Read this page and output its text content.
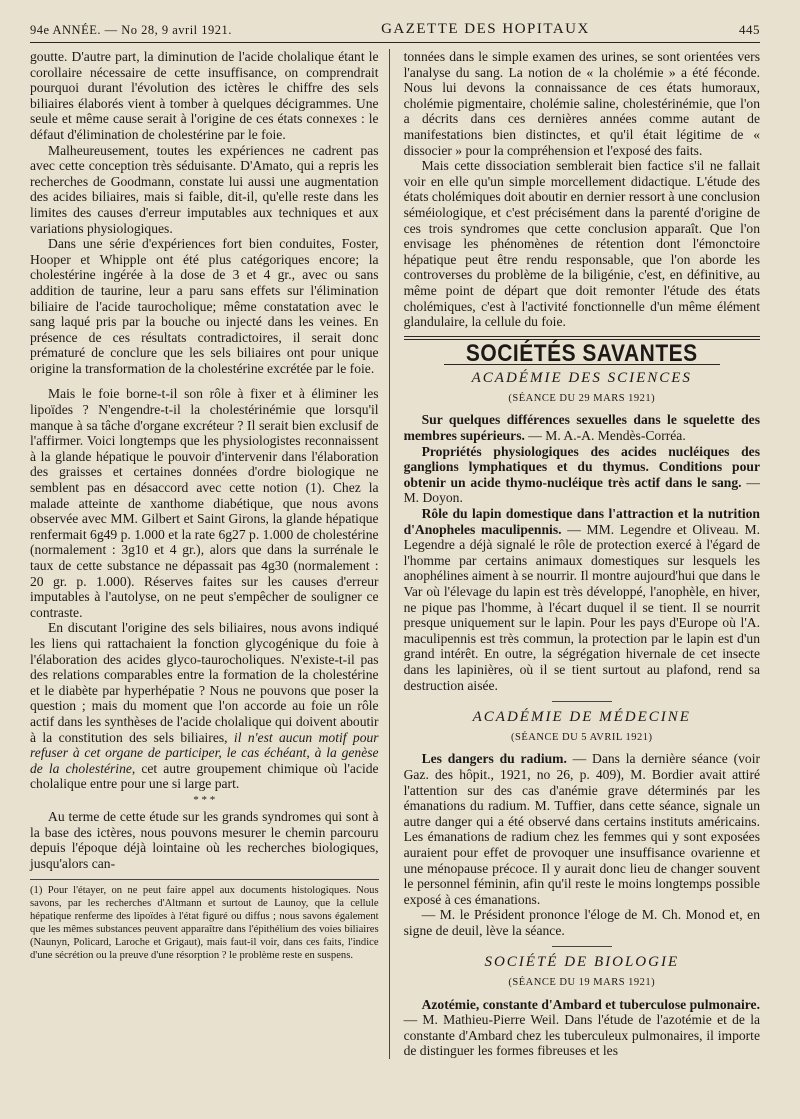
94e ANNÉE. — No 28, 9 avril 1921.	GAZETTE DES HOPITAUX	445

goutte. D'autre part, la diminution de l'acide cholalique étant le corollaire nécessaire de cette insuffisance, on comprendrait pourquoi durant l'évolution des ictères le chiffre des sels biliaires élaborés vient à tomber à quelques décigrammes. Une seule et même cause serait à l'origine de ces états connexes : le défaut d'élimination de cholestérine par le foie.

Malheureusement, toutes les expériences ne cadrent pas avec cette conception très séduisante. D'Amato, qui a repris les recherches de Goodmann, constate lui aussi une augmentation des acides biliaires, mais si faible, dit-il, qu'elle reste dans les limites des causes d'erreur imputables aux techniques et aux variations physiologiques.

Dans une série d'expériences fort bien conduites, Foster, Hooper et Whipple ont été plus catégoriques encore; la cholestérine ingérée à la dose de 3 et 4 gr., avec ou sans addition de taurine, leur a paru sans effets sur l'élimination biliaire de l'acide taurocholique; même constatation avec le sang laqué pris par la bouche ou injecté dans les veines. En présence de ces résultats contradictoires, il serait donc prématuré de conclure que les sels biliaires ont pour unique origine la transformation de la cholestérine excrétée par le foie.

Mais le foie borne-t-il son rôle à fixer et à éliminer les lipoïdes ? N'engendre-t-il la cholestérinémie que lorsqu'il manque à sa tâche d'organe excréteur ? Il serait bien exclusif de l'affirmer. Voici longtemps que les physiologistes reconnaissent à la glande hépatique le pouvoir d'intervenir dans l'élaboration des graisses et certaines données d'ordre biologique ne semblent pas en désaccord avec cette notion (1). Chez la malade atteinte de xanthome diabétique, que nous avons observée avec MM. Gilbert et Saint Girons, la glande hépatique renfermait 6g49 p. 1.000 et la rate 6g27 p. 1.000 de cholestérine (normalement : 3g10 et 4 gr.), alors que dans la surrénale le taux de cette substance ne dépassait pas 4g30 (normalement : 20 gr. p. 1.000). Réserves faites sur les causes d'erreur imputables à l'autolyse, on ne peut s'empêcher de souligner ce contraste.

En discutant l'origine des sels biliaires, nous avons indiqué les liens qui rattachaient la fonction glycogénique du foie à l'élaboration des acides glyco-taurocholiques. N'existe-t-il pas des relations comparables entre la formation de la cholestérine et le diabète par hyperhépatie ? Nous ne pouvons que poser la question ; mais du moment que l'on accorde au foie un rôle actif dans les synthèses de l'acide cholalique qui doivent aboutir à la constitution des sels biliaires, il n'est aucun motif pour refuser à cet organe de participer, le cas échéant, à la genèse de la cholestérine, cet autre groupement chimique où l'acide cholalique entre pour une si large part.

* * *

Au terme de cette étude sur les grands syndromes qui sont à la base des ictères, nous pouvons mesurer le chemin parcouru depuis l'époque déjà lointaine où les recherches biologiques, jusqu'alors can-

(1) Pour l'étayer, on ne peut faire appel aux documents histologiques. Nous savons, par les recherches d'Altmann et surtout de Launoy, que la cellule hépatique renferme des lipoïdes à l'état figuré ou diffus ; nous savons également que les mêmes substances peuvent apparaître dans l'épithélium des voies biliaires (Naunyn, Policard, Laroche et Grigaut), mais faut-il voir, dans ces faits, l'indice d'une sécrétion ou la preuve d'une résorption ? le problème reste en suspens.

tonnées dans le simple examen des urines, se sont orientées vers l'analyse du sang. La notion de « la cholémie » a été féconde. Nous lui devons la connaissance de ces états humoraux, cholémie pigmentaire, cholémie saline, cholestérinémie, que l'on a décrits dans ces dernières années comme autant de manifestations bien distinctes, et qu'il était légitime de « dissocier » pour la compréhension et l'exposé des faits.

Mais cette dissociation semblerait bien factice s'il ne fallait voir en elle qu'un simple morcellement didactique. L'étude des états cholémiques doit aboutir en dernier ressort à une conclusion séméiologique, et c'est précisément dans la parenté d'origine de ces trois syndromes que cette conclusion apparaît. Que l'on envisage les phénomènes de rétention dont l'émonctoire hépatique peut être rendu responsable, que l'on aborde les controverses du problème de la biligénie, c'est, en définitive, au même point de départ que doit remonter l'étude des états cholémiques, c'est à l'activité fonctionnelle d'un même élément glandulaire, la cellule du foie.

SOCIÉTÉS SAVANTES
ACADÉMIE DES SCIENCES
(SÉANCE DU 29 MARS 1921)

Sur quelques différences sexuelles dans le squelette des membres supérieurs. — M. A.-A. Mendès-Corréa.

Propriétés physiologiques des acides nucléiques des ganglions lymphatiques et du thymus. Conditions pour obtenir un acide thymo-nucléique très actif dans le sang. — M. Doyon.

Rôle du lapin domestique dans l'attraction et la nutrition d'Anopheles maculipennis. — MM. Legendre et Oliveau. M. Legendre a déjà signalé le rôle de protection exercé à l'égard de l'homme par certains animaux domestiques sur lesquels les anophélines aiment à se nourrir. Il montre aujourd'hui que dans le Var où l'élevage du lapin est très développé, l'anophèle, en hiver, ne pique pas l'homme, à l'écart duquel il se tient. Il se nourrit presque uniquement sur le lapin. Pour les pays d'Europe où l'A. maculipennis est très commun, la protection par le lapin est d'un grand intérêt. En outre, la ségrégation hivernale de cet insecte dans les lapinières, où il se tient surtout au plafond, rend sa destruction aisée.

ACADÉMIE DE MÉDECINE
(SÉANCE DU 5 AVRIL 1921)

Les dangers du radium. — Dans la dernière séance (voir Gaz. des hôpit., 1921, no 26, p. 409), M. Bordier avait attiré l'attention sur des cas d'anémie grave déterminés par les émanations du radium. M. Tuffier, dans cette séance, signale un autre danger qui a été observé dans certains instituts américains. Les émanations de radium chez les femmes qui y sont exposées auraient pour effet de provoquer une insuffisance ovarienne et une ménopause précoce. Il y aurait donc lieu de changer souvent le personnel féminin, afin qu'il reste le moins longtemps possible exposé à ces émanations.

— M. le Président prononce l'éloge de M. Ch. Monod et, en signe de deuil, lève la séance.

SOCIÉTÉ DE BIOLOGIE
(SÉANCE DU 19 MARS 1921)

Azotémie, constante d'Ambard et tuberculose pulmonaire. — M. Mathieu-Pierre Weil. Dans l'étude de l'azotémie et de la constante d'Ambard chez les tuberculeux pulmonaires, il importe de distinguer les formes fibreuses et les
